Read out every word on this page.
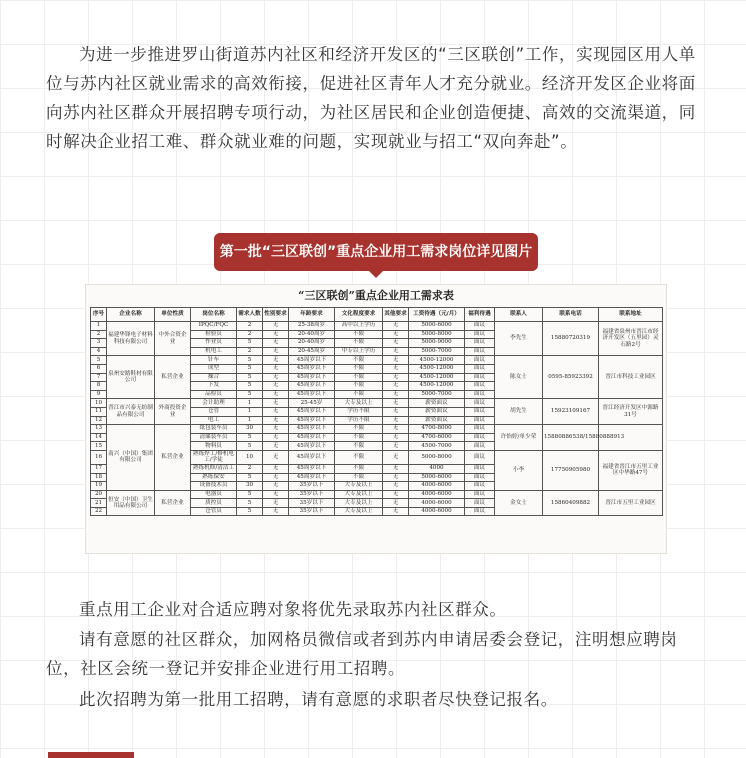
为进一步推进罗山街道苏内社区和经济开发区的“三区联创”工作，实现园区用人单位与苏内社区就业需求的高效衔接，促进社区青年人才充分就业。经济开发区企业将面向苏内社区群众开展招聘专项行动，为社区居民和企业创造便捷、高效的交流渠道，同时解决企业招工难、群众就业难的问题，实现就业与招工“双向奔赴”。

第一批“三区联创”重点企业用工需求岗位详见图片
“三区联创”重点企业用工需求表
序号	企业名称	单位性质	岗位名称	需求人数	性别要求	年龄要求	文化程度要求	其他要求	工资待遇（元/月）	福利待遇	联系人	联系电话	联系地址
1	福建华锋电子材料科技有限公司	中外合资企业	IPQC/FQC	2	无	25-38周岁	高中以上学历	无	5000-6000	面议	李先生	15880720319	福建省泉州市晋江市经济开发区（五里园）灵石路2号
2			检验员	2	无	20-40周岁	不限	无	5000-8000	面议			
3			作业员	5	无	20-40周岁	不限	无	5000-9000	面议			
4			机电工	2	无	20-45周岁	中专以上学历	无	5000-7000	面议			
5	泉州安踏鞋材有限公司	私营企业	针车	5	无	45周岁以下	不限	无	4500-12000	面议	陈女士	0595-85923392	晋江市科技工业园区
6			成型	5	无	45周岁以下	不限	无	4500-12000	面议			
7			操合	5	无	45周岁以下	不限	无	4500-12000	面议			
8			下发	5	无	45周岁以下	不限	无	4500-12000	面议			
9			品检员	5	无	45周岁以下	不限	无	5000-7000	面议			
10	晋江市兴泰无纺制品有限公司	外商投资企业	会计助理	1	无	25-45岁	大专及以上	无	薪资面议	面议	胡先生	15923109167	晋江经济开发区中源路31号
11			仓管	1	无	45周岁以下	学历不限	无	薪资面议	面议			
12			电工	1	无	45周岁以下	学历不限	无	薪资面议	面议			
13	南兴（中国）集团有限公司	私营企业	纸包装车员	30	无	45周岁以下	不限	无	4700-8000	面议	许怡婷/单少荣	15880886538/15880888913	
14			清储装车员	5	无	45周岁以下	不限	无	4700-6000	面议			
15			物料员	5	无	45周岁以下	不限	无	4500-7000	面议			
16			熟练焊工/修机电工/学徒	10	无	45周岁以下	不限	无	5000-8000	面议	小李	17750905980	福建省晋江市五里工业区中华路47号
17			熟练机修/清洁工	2	无	45周岁以下	不限	无	4000	面议			
18			熟练保安	5	无	45周岁以下	不限	无	5000-6000	面议			
19			设备技术员	30	无	35岁以下	大专及以上	无	4000-6000	面议			
20	恒安（中国）卫生用品有限公司	私营企业	电器员	5	无	35岁以下	大专及以上	无	4000-6000	面议	金女士	15860409882	晋江市五里工业园区
21			质控员	5	无	35岁以下	大专及以上	无	4000-6000	面议			
22			仓管员	5	无	35岁以下	大专及以上	无	4000-6000	面议			

重点用工企业对合适应聘对象将优先录取苏内社区群众。

请有意愿的社区群众，加网格员微信或者到苏内申请居委会登记，注明想应聘岗位，社区会统一登记并安排企业进行用工招聘。

此次招聘为第一批用工招聘，请有意愿的求职者尽快登记报名。
